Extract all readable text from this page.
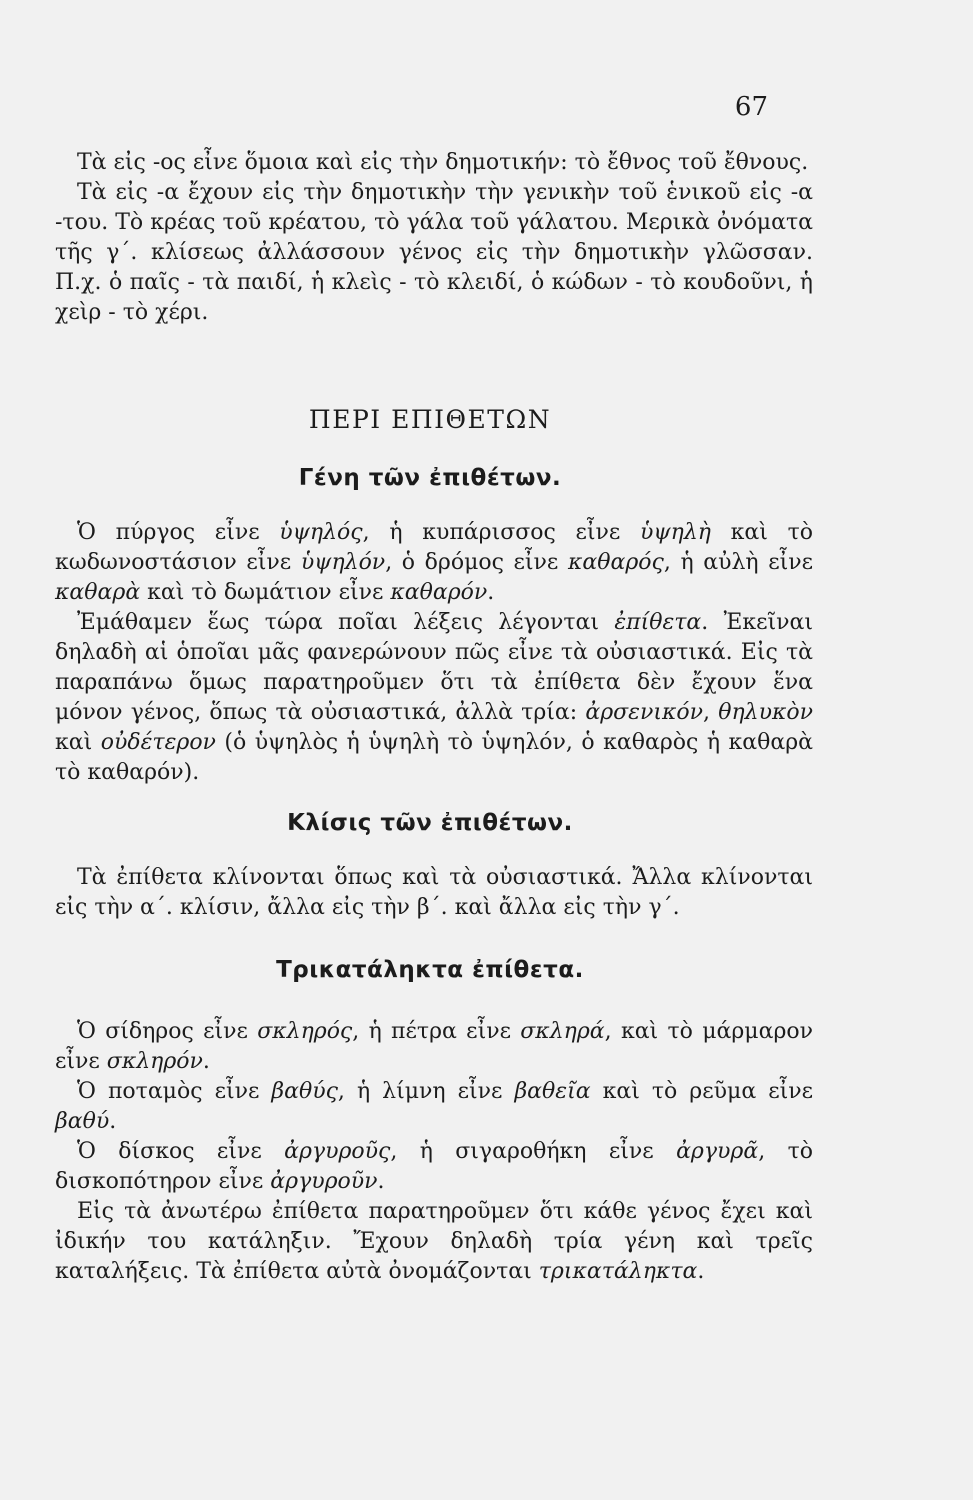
67

Τὰ εἰς -ος εἶνε ὅμοια καὶ εἰς τὴν δημοτικήν: τὸ ἔθνος τοῦ ἔθνους.

Τὰ εἰς -α ἔχουν εἰς τὴν δημοτικὴν τὴν γενικὴν τοῦ ἑνικοῦ εἰς -α -του. Τὸ κρέας τοῦ κρέατου, τὸ γάλα τοῦ γάλατου. Μερικὰ ὀνόματα τῆς γ΄. κλίσεως ἀλλάσσουν γένος εἰς τὴν δημοτικὴν γλῶσσαν. Π.χ. ὁ παῖς - τὰ παιδί, ἡ κλεὶς - τὸ κλειδί, ὁ κώδων - τὸ κουδοῦνι, ἡ χεὶρ - τὸ χέρι.

ΠΕΡΙ ΕΠΙΘΕΤΩΝ
Γένη τῶν ἐπιθέτων.

Ὁ πύργος εἶνε ὑψηλός, ἡ κυπάρισσος εἶνε ὑψηλὴ καὶ τὸ κωδωνοστάσιον εἶνε ὑψηλόν, ὁ δρόμος εἶνε καθαρός, ἡ αὐλὴ εἶνε καθαρὰ καὶ τὸ δωμάτιον εἶνε καθαρόν.

Ἐμάθαμεν ἕως τώρα ποῖαι λέξεις λέγονται ἐπίθετα. Ἐκεῖναι δηλαδὴ αἱ ὁποῖαι μᾶς φανερώνουν πῶς εἶνε τὰ οὐσιαστικά. Εἰς τὰ παραπάνω ὅμως παρατηροῦμεν ὅτι τὰ ἐπίθετα δὲν ἔχουν ἕνα μόνον γένος, ὅπως τὰ οὐσιαστικά, ἀλλὰ τρία: ἀρσενικόν, θηλυκὸν καὶ οὐδέτερον (ὁ ὑψηλὸς ἡ ὑψηλὴ τὸ ὑψηλόν, ὁ καθαρὸς ἡ καθαρὰ τὸ καθαρόν).

Κλίσις τῶν ἐπιθέτων.

Τὰ ἐπίθετα κλίνονται ὅπως καὶ τὰ οὐσιαστικά. Ἄλλα κλίνονται εἰς τὴν α΄. κλίσιν, ἄλλα εἰς τὴν β΄. καὶ ἄλλα εἰς τὴν γ΄.

Τρικατάληκτα ἐπίθετα.

Ὁ σίδηρος εἶνε σκληρός, ἡ πέτρα εἶνε σκληρά, καὶ τὸ μάρμαρον εἶνε σκληρόν.

Ὁ ποταμὸς εἶνε βαθύς, ἡ λίμνη εἶνε βαθεῖα καὶ τὸ ρεῦμα εἶνε βαθύ.

Ὁ δίσκος εἶνε ἀργυροῦς, ἡ σιγαροθήκη εἶνε ἀργυρᾶ, τὸ δισκοπότηρον εἶνε ἀργυροῦν.

Εἰς τὰ ἀνωτέρω ἐπίθετα παρατηροῦμεν ὅτι κάθε γένος ἔχει καὶ ἰδικήν του κατάληξιν. Ἔχουν δηλαδὴ τρία γένη καὶ τρεῖς καταλήξεις. Τὰ ἐπίθετα αὐτὰ ὀνομάζονται τρικατάληκτα.
